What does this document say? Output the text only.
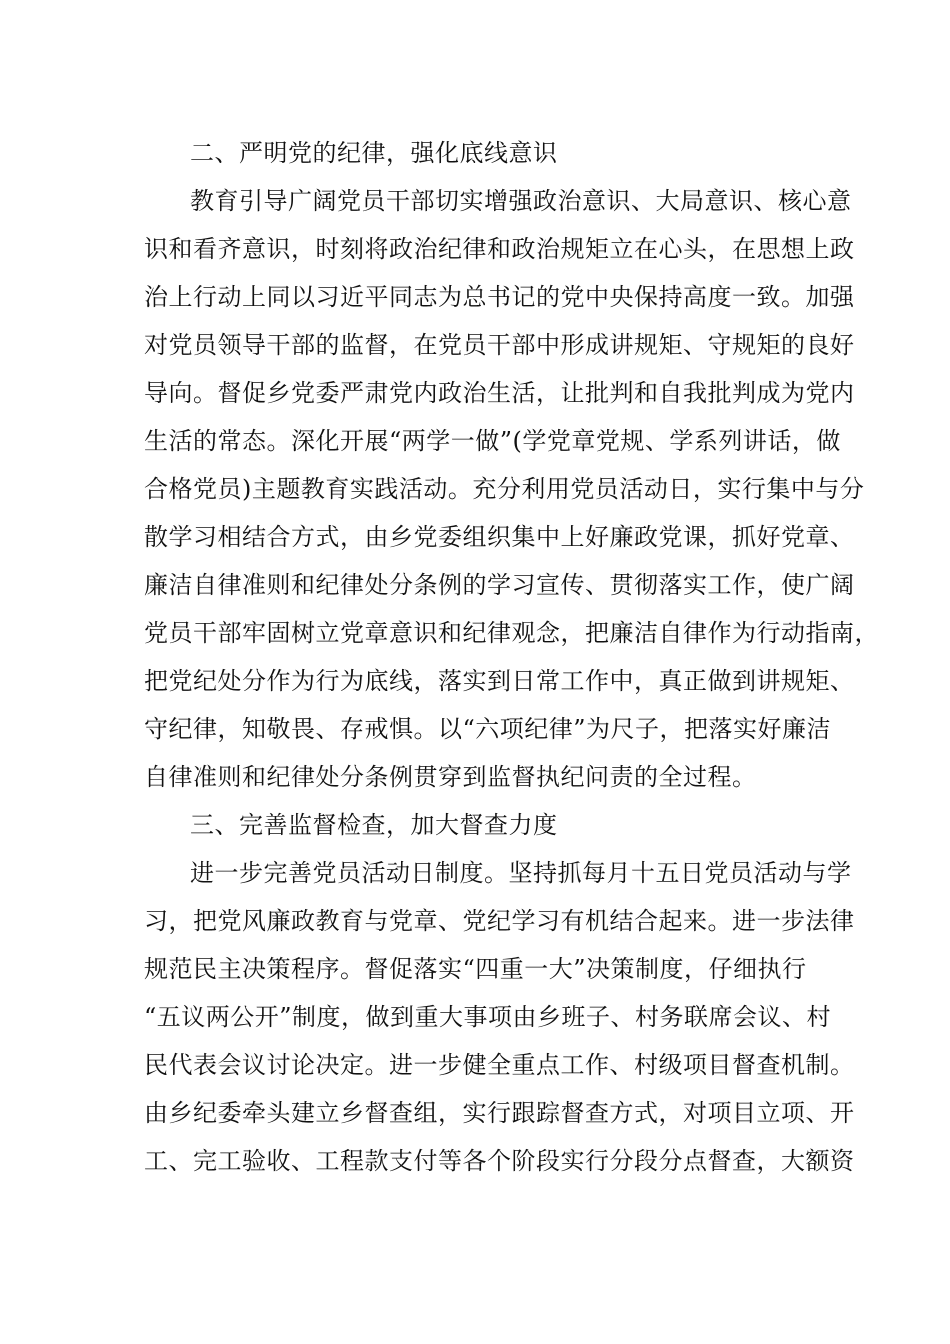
二、严明党的纪律，强化底线意识
教育引导广阔党员干部切实增强政治意识、大局意识、核心意
识和看齐意识，时刻将政治纪律和政治规矩立在心头，在思想上政
治上行动上同以习近平同志为总书记的党中央保持高度一致。加强
对党员领导干部的监督，在党员干部中形成讲规矩、守规矩的良好
导向。督促乡党委严肃党内政治生活，让批判和自我批判成为党内
生活的常态。深化开展“两学一做”(学党章党规、学系列讲话，做
合格党员)主题教育实践活动。充分利用党员活动日，实行集中与分
散学习相结合方式，由乡党委组织集中上好廉政党课，抓好党章、
廉洁自律准则和纪律处分条例的学习宣传、贯彻落实工作，使广阔
党员干部牢固树立党章意识和纪律观念，把廉洁自律作为行动指南，
把党纪处分作为行为底线，落实到日常工作中，真正做到讲规矩、
守纪律，知敬畏、存戒惧。以“六项纪律”为尺子，把落实好廉洁
自律准则和纪律处分条例贯穿到监督执纪问责的全过程。
三、完善监督检查，加大督查力度
进一步完善党员活动日制度。坚持抓每月十五日党员活动与学
习，把党风廉政教育与党章、党纪学习有机结合起来。进一步法律
规范民主决策程序。督促落实“四重一大”决策制度，仔细执行
“五议两公开”制度，做到重大事项由乡班子、村务联席会议、村
民代表会议讨论决定。进一步健全重点工作、村级项目督查机制。
由乡纪委牵头建立乡督查组，实行跟踪督查方式，对项目立项、开
工、完工验收、工程款支付等各个阶段实行分段分点督查，大额资
